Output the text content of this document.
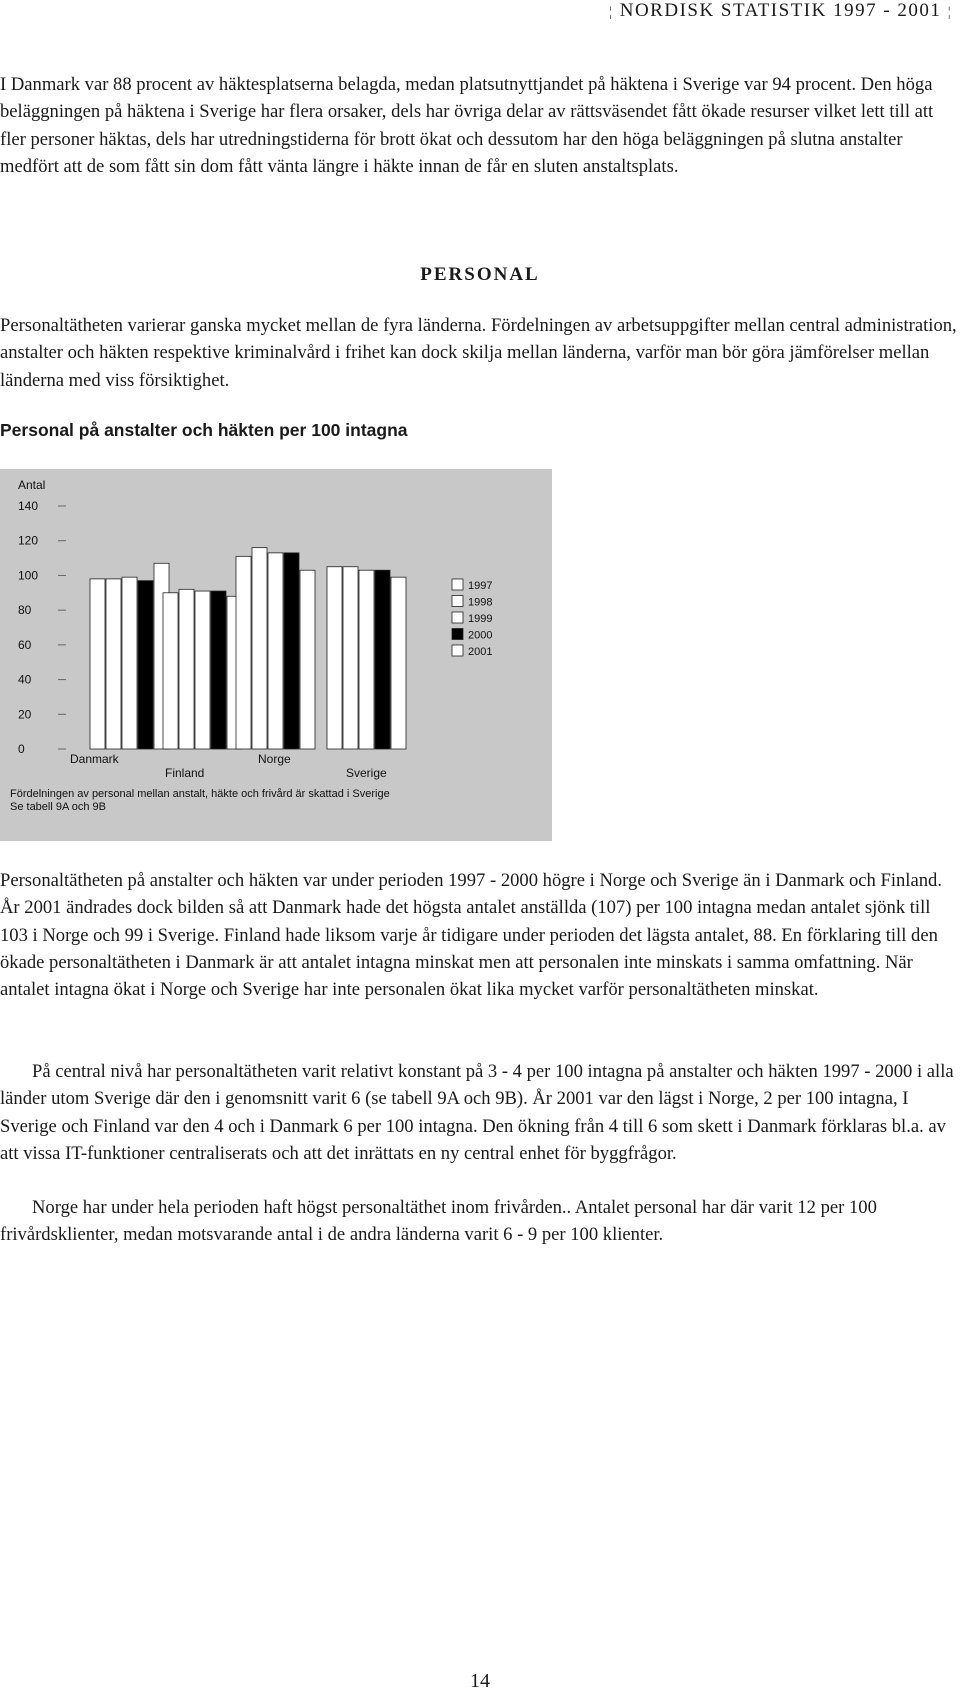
¦ NORDISK STATISTIK 1997 - 2001 ¦

I Danmark var 88 procent av häktesplatserna belagda, medan platsutnyttjandet på häktena i Sverige var 94 procent. Den höga beläggningen på häktena i Sverige har flera orsaker, dels har övriga delar av rättsväsendet fått ökade resurser vilket lett till att fler personer häktas, dels har utredningstiderna för brott ökat och dessutom har den höga beläggningen på slutna anstalter medfört att de som fått sin dom fått vänta längre i häkte innan de får en sluten anstaltsplats.

PERSONAL

Personaltätheten varierar ganska mycket mellan de fyra länderna. Fördelningen av arbetsuppgifter mellan central administration, anstalter och häkten respektive kriminalvård i frihet kan dock skilja mellan länderna, varför man bör göra jämförelser mellan länderna med viss försiktighet.

Personal på anstalter och häkten per 100 intagna
Antal
0
20
40
60
80
100
120
140
Danmark
Finland
Norge
Sverige
1997
1998
1999
2000
2001
Fördelningen av personal mellan anstalt, häkte och frivård är skattad i Sverige
Se tabell 9A och 9B

Personaltätheten på anstalter och häkten var under perioden 1997 - 2000 högre i Norge och Sverige än i Danmark och Finland. År 2001 ändrades dock bilden så att Danmark hade det högsta antalet anställda (107) per 100 intagna medan antalet sjönk till 103 i Norge och 99 i Sverige. Finland hade liksom varje år tidigare under perioden det lägsta antalet, 88. En förklaring till den ökade personaltätheten i Danmark är att antalet intagna minskat men att personalen inte minskats i samma omfattning. När antalet intagna ökat i Norge och Sverige har inte personalen ökat lika mycket varför personaltätheten minskat.

På central nivå har personaltätheten varit relativt konstant på 3 - 4 per 100 intagna på anstalter och häkten 1997 - 2000 i alla länder utom Sverige där den i genomsnitt varit 6 (se tabell 9A och 9B). År 2001 var den lägst i Norge, 2 per 100 intagna, I Sverige och Finland var den 4 och i Danmark 6 per 100 intagna. Den ökning från 4 till 6 som skett i Danmark förklaras bl.a. av att vissa IT-funktioner centraliserats och att det inrättats en ny central enhet för byggfrågor.

Norge har under hela perioden haft högst personaltäthet inom frivården.. Antalet personal har där varit 12 per 100 frivårdsklienter, medan motsvarande antal i de andra länderna varit 6 - 9 per 100 klienter.

14
